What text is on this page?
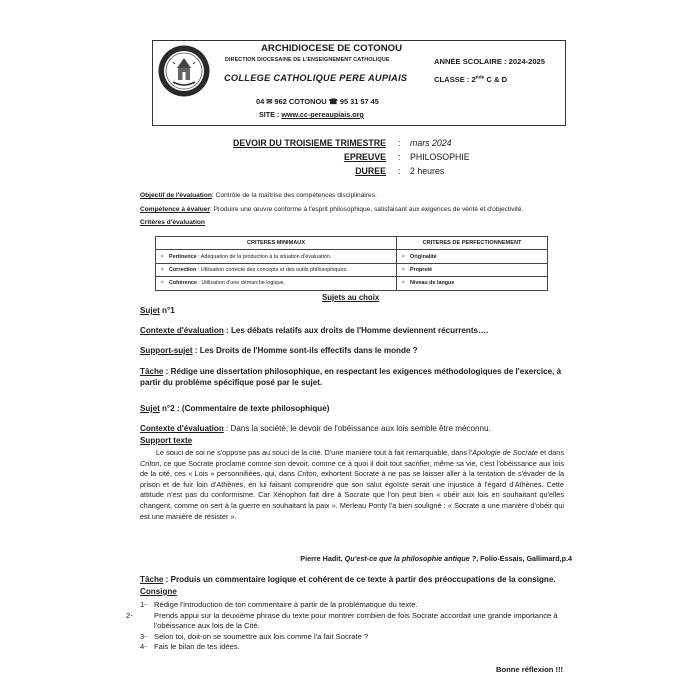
ARCHIDIOCESE DE COTONOU
DIRECTION DIOCESAINE DE L'ENSEIGNEMENT CATHOLIQUE
COLLEGE CATHOLIQUE PERE AUPIAIS
ANNÉE SCOLAIRE : 2024-2025
CLASSE : 2nde C & D
04 ✉ 962 COTONOU ☎ 95 31 57 45
SITE : www.cc-pereaupiais.org
DEVOIR DU TROISIEME TRIMESTRE : mars 2024
EPREUVE : PHILOSOPHIE
DUREE : 2 heures
Objectif de l'évaluation: Contrôle de la maîtrise des compétences disciplinaires.
Compétence à évaluer: Produire une œuvre conforme à l'esprit philosophique, satisfaisant aux exigences de vérité et d'objectivité.
Critères d'évaluation
CRITERES MINIMAUX	CRITERES DE PERFECTIONNEMENT
✧ Pertinence : Adéquation de la production à la situation d'évaluation.	✧ Originalité
✧ Correction : Utilisation correcte des concepts et des outils philosophiques.	✧ Propreté
✧ Cohérence : Utilisation d'une démarche logique.	✧ Niveau de langue
Sujets au choix
Sujet n°1
Contexte d'évaluation : Les débats relatifs aux droits de l'Homme deviennent récurrents….
Support-sujet : Les Droits de l'Homme sont-ils effectifs dans le monde ?
Tâche : Rédige une dissertation philosophique, en respectant les exigences méthodologiques de l'exercice, à partir du problème spécifique posé par le sujet.
Sujet n°2 : (Commentaire de texte philosophique)
Contexte d'évaluation : Dans la société, le devoir de l'obéissance aux lois semble être méconnu.
Support texte
Le souci de soi ne s'oppose pas au souci de la cité. D'une manière tout à fait remarquable, dans l'Apologie de Socrate et dans Criton, ce que Socrate proclame comme son devoir, comme ce à quoi il doit tout sacrifier, même sa vie, c'est l'obéissance aux lois de la cité, ces « Lois » personnifiées, qui, dans Criton, exhortent Socrate à ne pas se laisser aller à la tentation de s'évader de la prison et de fuir loin d'Athènes, en lui faisant comprendre que son salut égoïste serait une injustice à l'égard d'Athènes. Cette attitude n'est pas du conformisme. Car Xénophon fait dire à Socrate que l'on peut bien « obéir aux lois en souhaitant qu'elles changent, comme on sert à la guerre en souhaitant la paix ». Merleau Ponty l'a bien souligné : « Socrate a une manière d'obéir qui est une manière de résister ».
Pierre Hadit, Qu'est-ce que la philosophie antique ?, Folio-Essais, Gallimard,p.4
Tâche : Produis un commentaire logique et cohérent de ce texte à partir des préoccupations de la consigne.
Consigne
1- Rédige l'introduction de ton commentaire à partir de la problématique du texte.
2-	Prends appui sur la deuxième phrase du texte pour montrer combien de fois Socrate accordait une grande importance à l'obéissance aux lois de la Cité.
3- Selon toi, doit-on se soumettre aux lois comme l'a fait Socrate ?
4- Fais le bilan de tes idées.
Bonne réflexion !!!
